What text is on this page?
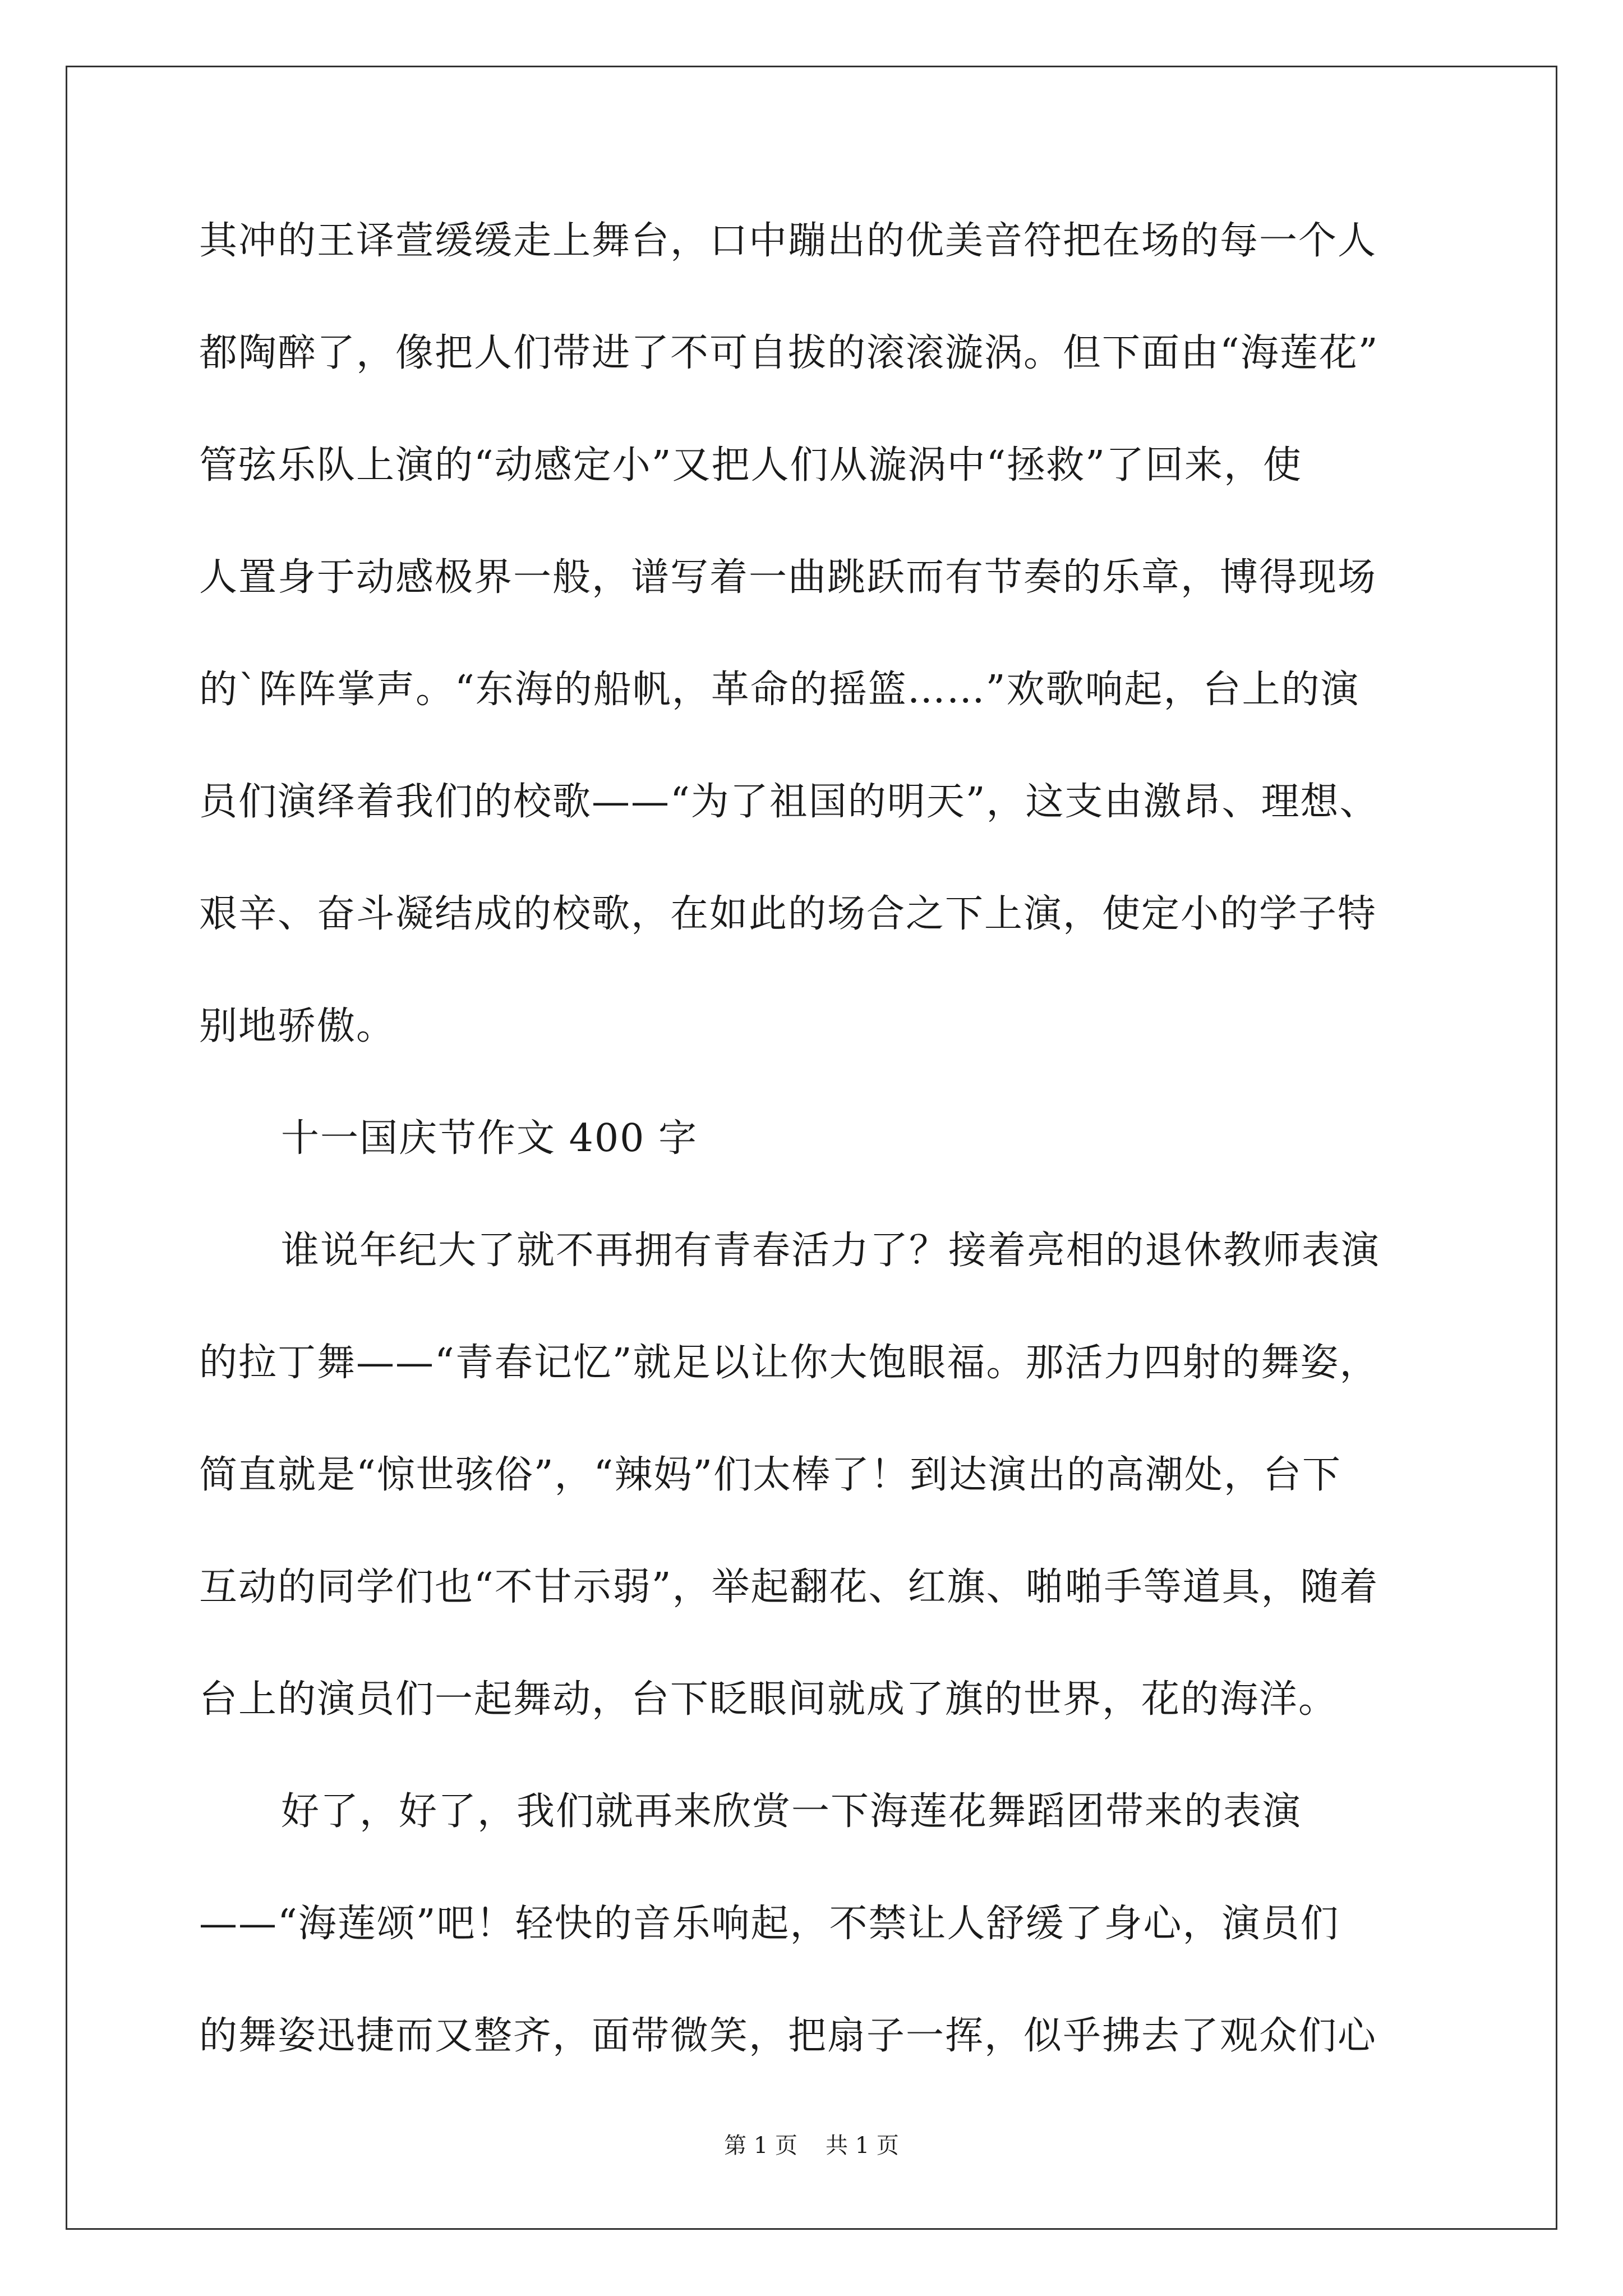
其冲的王译萱缓缓走上舞台，口中蹦出的优美音符把在场的每一个人
都陶醉了，像把人们带进了不可自拔的滚滚漩涡。但下面由“海莲花”
管弦乐队上演的“动感定小”又把人们从漩涡中“拯救”了回来，使
人置身于动感极界一般，谱写着一曲跳跃而有节奏的乐章，博得现场
的`阵阵掌声。“东海的船帆，革命的摇篮……”欢歌响起，台上的演
员们演绎着我们的校歌——“为了祖国的明天”，这支由激昂、理想、
艰辛、奋斗凝结成的校歌，在如此的场合之下上演，使定小的学子特
别地骄傲。
十一国庆节作文 400 字
谁说年纪大了就不再拥有青春活力了？接着亮相的退休教师表演
的拉丁舞——“青春记忆”就足以让你大饱眼福。那活力四射的舞姿，
简直就是“惊世骇俗”，“辣妈”们太棒了！到达演出的高潮处，台下
互动的同学们也“不甘示弱”，举起翻花、红旗、啪啪手等道具，随着
台上的演员们一起舞动，台下眨眼间就成了旗的世界，花的海洋。
好了，好了，我们就再来欣赏一下海莲花舞蹈团带来的表演
——“海莲颂”吧！轻快的音乐响起，不禁让人舒缓了身心，演员们
的舞姿迅捷而又整齐，面带微笑，把扇子一挥，似乎拂去了观众们心
第 1 页 共 1 页
